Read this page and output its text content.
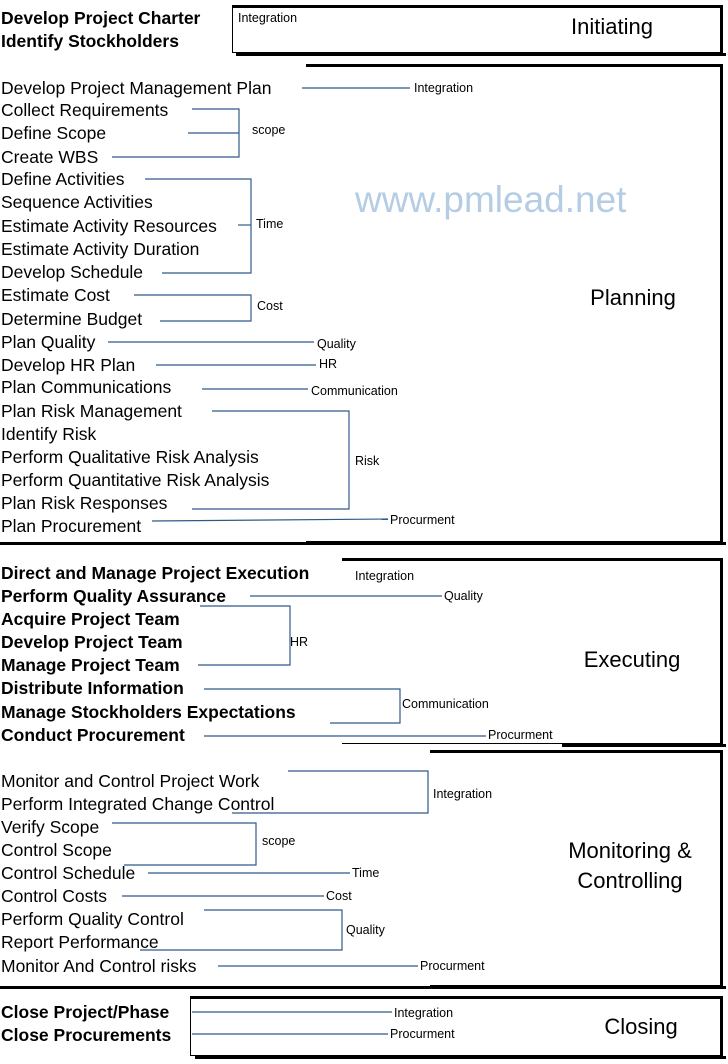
Initiating
Planning
Executing
Monitoring &
Controlling
Closing
www.pmlead.net
Develop Project Charter
Identify Stockholders
Develop Project Management Plan
Collect Requirements
Define Scope
Create WBS
Define Activities
Sequence Activities
Estimate Activity Resources
Estimate Activity Duration
Develop Schedule
Estimate Cost
Determine Budget
Plan Quality
Develop HR Plan
Plan Communications
Plan Risk Management
Identify Risk
Perform Qualitative Risk Analysis
Perform Quantitative Risk Analysis
Plan Risk Responses
Plan Procurement
Integration
scope
Time
Cost
Quality
HR
Communication
Risk
Procurment
Integration
Direct and Manage Project Execution
Perform Quality Assurance
Acquire Project Team
Develop Project Team
Manage Project Team
Distribute Information
Manage Stockholders Expectations
Conduct Procurement
Integration
Quality
HR
Communication
Procurment
Monitor and Control Project Work
Perform Integrated Change Control
Verify Scope
Control Scope
Control Schedule
Control Costs
Perform Quality Control
Report Performance
Monitor And Control risks
Integration
scope
Time
Cost
Quality
Procurment
Close Project/Phase
Close Procurements
Integration
Procurment
